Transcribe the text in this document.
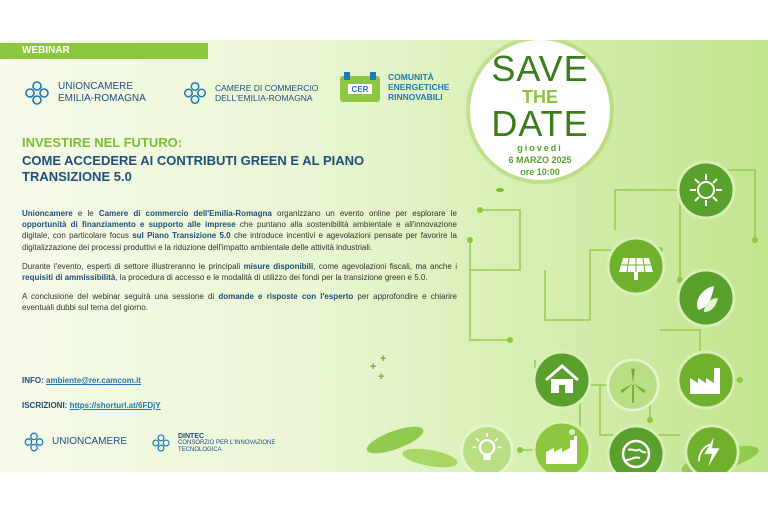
+
+
+
WEBINAR
UNIONCAMERE
EMILIA-ROMAGNA
CAMERE DI COMMERCIO
DELL'EMILIA-ROMAGNA
CER
COMUNITÀ
ENERGETICHE
RINNOVABILI
INVESTIRE NEL FUTURO:
COME ACCEDERE AI CONTRIBUTI GREEN E AL PIANO TRANSIZIONE 5.0

Unioncamere e le Camere di commercio dell'Emilia-Romagna organizzano un evento online per esplorare le opportunità di finanziamento e supporto alle imprese che puntano alla sostenibilità ambientale e all'innovazione digitale, con particolare focus sul Piano Transizione 5.0 che introduce incentivi e agevolazioni pensate per favorire la digitalizzazione dei processi produttivi e la riduzione dell'impatto ambientale delle attività industriali.

Durante l'evento, esperti di settore illustreranno le principali misure disponibili, come agevolazioni fiscali, ma anche i requisiti di ammissibilità, la procedura di accesso e le modalità di utilizzo dei fondi per la transizione green e 5.0.

A conclusione del webinar seguirà una sessione di domande e risposte con l'esperto per approfondire e chiarire eventuali dubbi sul tema del giorno.

INFO: ambiente@rer.camcom.it
ISCRIZIONI: https://shorturl.at/6FDjY
UNIONCAMERE	DINTEC
CONSORZIO PER L'INNOVAZIONE
TECNOLOGICA
SAVE
THE
DATE
giovedì
6 MARZO 2025
ore 10:00
